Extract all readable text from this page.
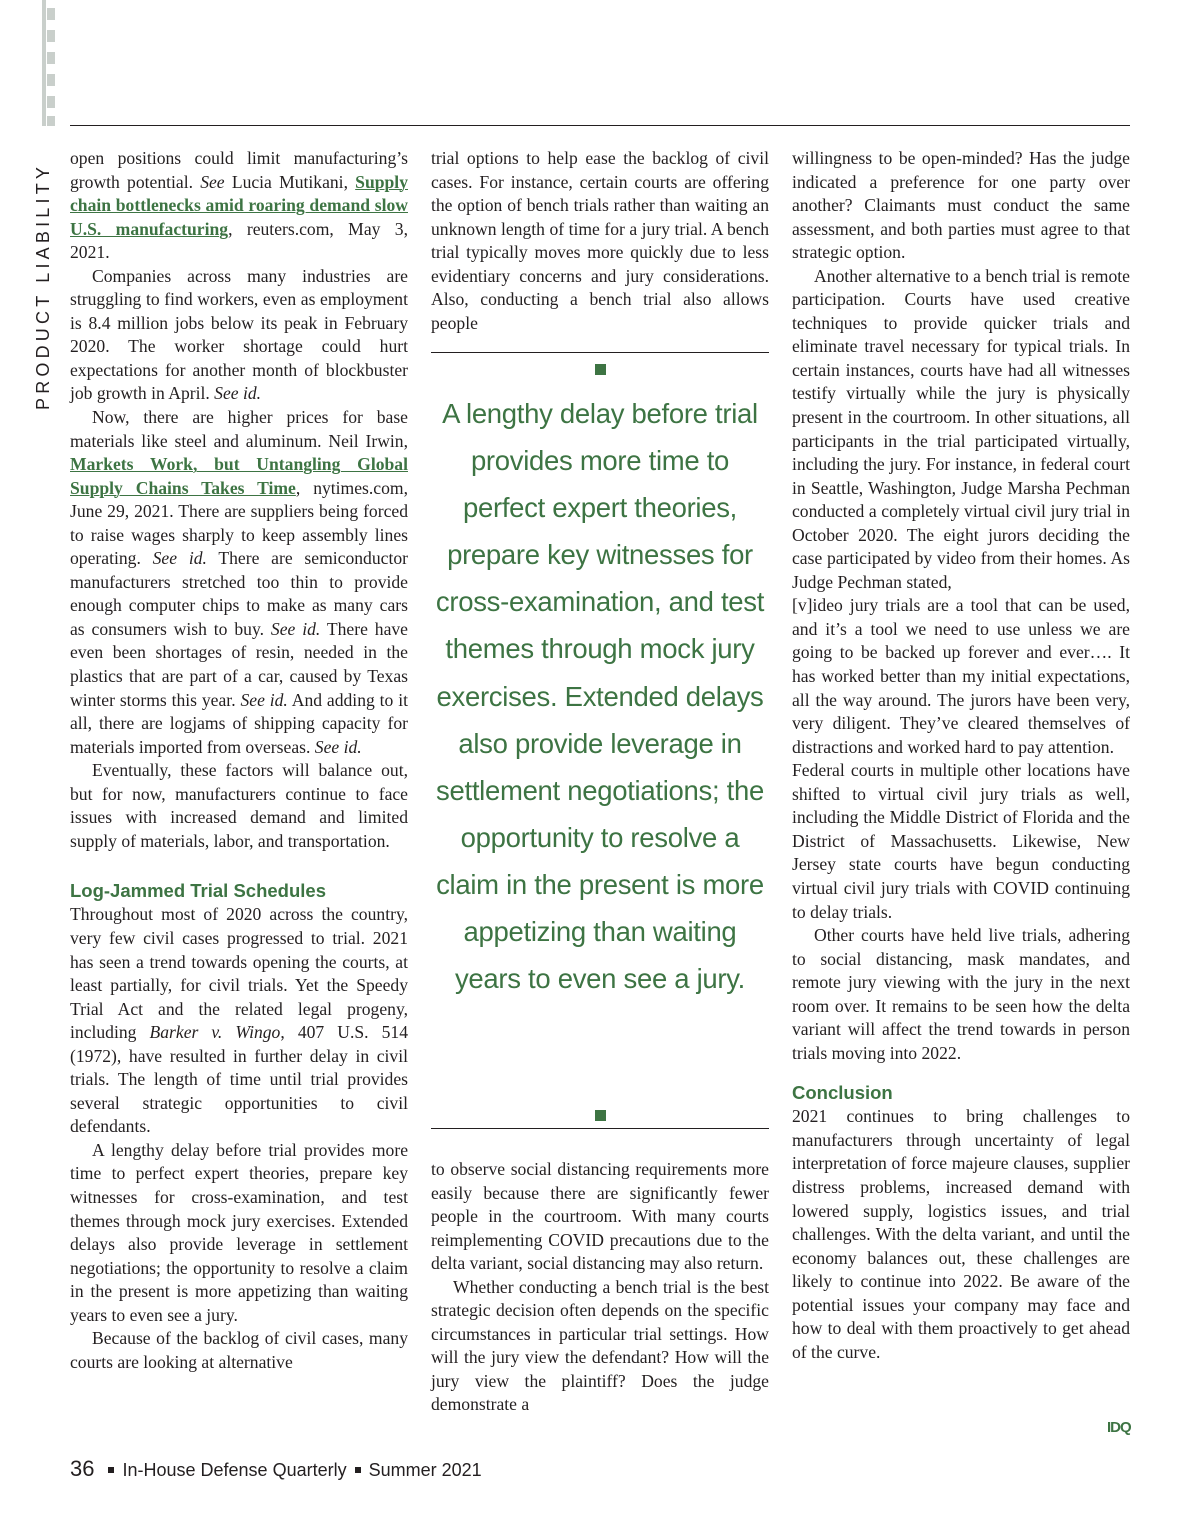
PRODUCT LIABILITY

open positions could limit manufacturing’s growth potential. See Lucia Mutikani, Supply chain bottlenecks amid roaring demand slow U.S. manufacturing, reuters.com, May 3, 2021.

Companies across many industries are struggling to find workers, even as employment is 8.4 million jobs below its peak in February 2020. The worker shortage could hurt expectations for another month of blockbuster job growth in April. See id.

Now, there are higher prices for base materials like steel and aluminum. Neil Irwin, Markets Work, but Untangling Global Supply Chains Takes Time, nytimes.com, June 29, 2021. There are suppliers being forced to raise wages sharply to keep assembly lines operating. See id. There are semiconductor manufacturers stretched too thin to provide enough computer chips to make as many cars as consumers wish to buy. See id. There have even been shortages of resin, needed in the plastics that are part of a car, caused by Texas winter storms this year. See id. And adding to it all, there are logjams of shipping capacity for materials imported from overseas. See id.

Eventually, these factors will balance out, but for now, manufacturers continue to face issues with increased demand and limited supply of materials, labor, and transportation.

Log-Jammed Trial Schedules

Throughout most of 2020 across the country, very few civil cases progressed to trial. 2021 has seen a trend towards opening the courts, at least partially, for civil trials. Yet the Speedy Trial Act and the related legal progeny, including Barker v. Wingo, 407 U.S. 514 (1972), have resulted in further delay in civil trials. The length of time until trial provides several strategic opportunities to civil defendants.

A lengthy delay before trial provides more time to perfect expert theories, prepare key witnesses for cross-examination, and test themes through mock jury exercises. Extended delays also provide leverage in settlement negotiations; the opportunity to resolve a claim in the present is more appetizing than waiting years to even see a jury.

Because of the backlog of civil cases, many courts are looking at alternative

trial options to help ease the backlog of civil cases. For instance, certain courts are offering the option of bench trials rather than waiting an unknown length of time for a jury trial. A bench trial typically moves more quickly due to less evidentiary concerns and jury considerations. Also, conducting a bench trial also allows people

A lengthy delay before trial provides more time to perfect expert theories, prepare key witnesses for cross-examination, and test themes through mock jury exercises. Extended delays also provide leverage in settlement negotiations; the opportunity to resolve a claim in the present is more appetizing than waiting years to even see a jury.

to observe social distancing requirements more easily because there are significantly fewer people in the courtroom. With many courts reimplementing COVID precautions due to the delta variant, social distancing may also return.

Whether conducting a bench trial is the best strategic decision often depends on the specific circumstances in particular trial settings. How will the jury view the defendant? How will the jury view the plaintiff? Does the judge demonstrate a

willingness to be open-minded? Has the judge indicated a preference for one party over another? Claimants must conduct the same assessment, and both parties must agree to that strategic option.

Another alternative to a bench trial is remote participation. Courts have used creative techniques to provide quicker trials and eliminate travel necessary for typical trials. In certain instances, courts have had all witnesses testify virtually while the jury is physically present in the courtroom. In other situations, all participants in the trial participated virtually, including the jury. For instance, in federal court in Seattle, Washington, Judge Marsha Pechman conducted a completely virtual civil jury trial in October 2020. The eight jurors deciding the case participated by video from their homes. As Judge Pechman stated,

[v]ideo jury trials are a tool that can be used, and it’s a tool we need to use unless we are going to be backed up forever and ever…. It has worked better than my initial expectations, all the way around. The jurors have been very, very diligent. They’ve cleared themselves of distractions and worked hard to pay attention.

Federal courts in multiple other locations have shifted to virtual civil jury trials as well, including the Middle District of Florida and the District of Massachusetts. Likewise, New Jersey state courts have begun conducting virtual civil jury trials with COVID continuing to delay trials.

Other courts have held live trials, adhering to social distancing, mask mandates, and remote jury viewing with the jury in the next room over. It remains to be seen how the delta variant will affect the trend towards in person trials moving into 2022.

Conclusion

2021 continues to bring challenges to manufacturers through uncertainty of legal interpretation of force majeure clauses, supplier distress problems, increased demand with lowered supply, logistics issues, and trial challenges. With the delta variant, and until the economy balances out, these challenges are likely to continue into 2022. Be aware of the potential issues your company may face and how to deal with them proactively to get ahead of the curve.

IDQ
36 In-House Defense Quarterly Summer 2021
